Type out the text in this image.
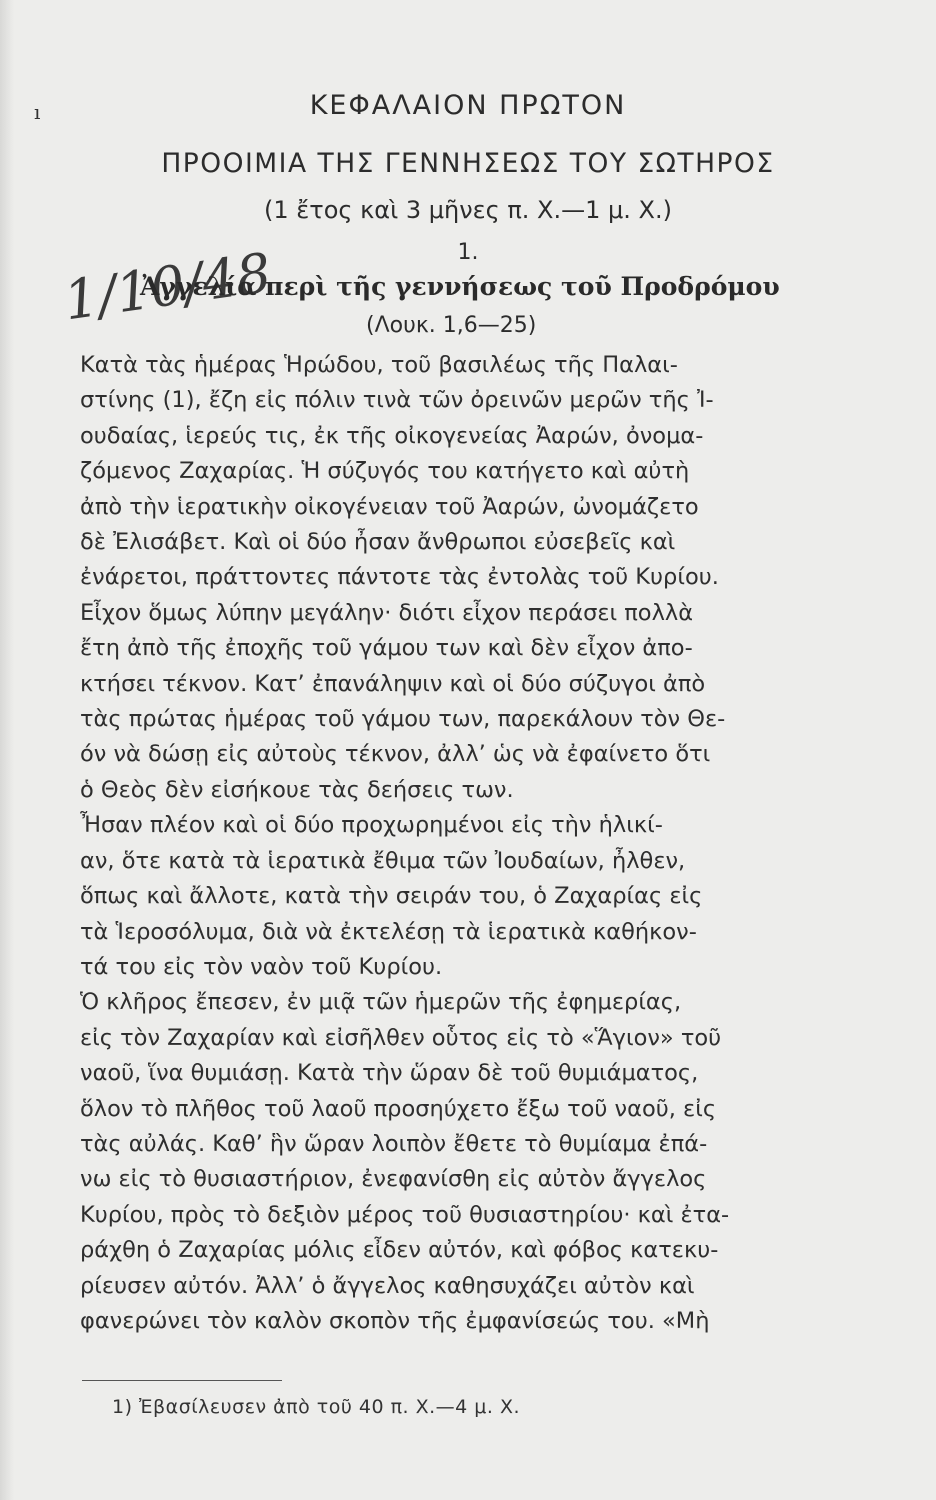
ı	ΚΕΦΑΛΑΙΟΝ ΠΡΩΤΟΝ
ΠΡΟΟΙΜΙΑ ΤΗΣ ΓΕΝΝΗΣΕΩΣ ΤΟΥ ΣΩΤΗΡΟΣ
(1 ἔτος καὶ 3 μῆνες π. Χ.—1 μ. Χ.)
1.
1/10/48
Ἀγγελία περὶ τῆς γεννήσεως τοῦ Προδρόμου
(Λουκ. 1,6—25)
Κατὰ τὰς ἡμέρας Ἡρώδου, τοῦ βασιλέως τῆς Παλαι-
στίνης (1), ἔζη εἰς πόλιν τινὰ τῶν ὀρεινῶν μερῶν τῆς Ἰ-
ουδαίας, ἱερεύς τις, ἐκ τῆς οἰκογενείας Ἀαρών, ὀνομα-
ζόμενος Ζαχαρίας. Ἡ σύζυγός του κατήγετο καὶ αὐτὴ
ἀπὸ τὴν ἱερατικὴν οἰκογένειαν τοῦ Ἀαρών, ὠνομάζετο
δὲ Ἐλισάβετ. Καὶ οἱ δύο ἦσαν ἄνθρωποι εὐσεβεῖς καὶ
ἐνάρετοι, πράττοντες πάντοτε τὰς ἐντολὰς τοῦ Κυρίου.
Εἶχον ὅμως λύπην μεγάλην· διότι εἶχον περάσει πολλὰ
ἔτη ἀπὸ τῆς ἐποχῆς τοῦ γάμου των καὶ δὲν εἶχον ἀπο-
κτήσει τέκνον. Κατ’ ἐπανάληψιν καὶ οἱ δύο σύζυγοι ἀπὸ
τὰς πρώτας ἡμέρας τοῦ γάμου των, παρεκάλουν τὸν Θε-
όν νὰ δώσῃ εἰς αὐτοὺς τέκνον, ἀλλ’ ὡς νὰ ἐφαίνετο ὅτι
ὁ Θεὸς δὲν εἰσήκουε τὰς δεήσεις των.
Ἦσαν πλέον καὶ οἱ δύο προχωρημένοι εἰς τὴν ἡλικί-
αν, ὅτε κατὰ τὰ ἱερατικὰ ἔθιμα τῶν Ἰουδαίων, ἦλθεν,
ὅπως καὶ ἄλλοτε, κατὰ τὴν σειράν του, ὁ Ζαχαρίας εἰς
τὰ Ἱεροσόλυμα, διὰ νὰ ἐκτελέσῃ τὰ ἱερατικὰ καθήκον-
τά του εἰς τὸν ναὸν τοῦ Κυρίου.
Ὁ κλῆρος ἔπεσεν, ἐν μιᾷ τῶν ἡμερῶν τῆς ἐφημερίας,
εἰς τὸν Ζαχαρίαν καὶ εἰσῆλθεν οὗτος εἰς τὸ «Ἅγιον» τοῦ
ναοῦ, ἵνα θυμιάσῃ. Κατὰ τὴν ὥραν δὲ τοῦ θυμιάματος,
ὅλον τὸ πλῆθος τοῦ λαοῦ προσηύχετο ἔξω τοῦ ναοῦ, εἰς
τὰς αὐλάς. Καθ’ ἣν ὥραν λοιπὸν ἔθετε τὸ θυμίαμα ἐπά-
νω εἰς τὸ θυσιαστήριον, ἐνεφανίσθη εἰς αὐτὸν ἄγγελος
Κυρίου, πρὸς τὸ δεξιὸν μέρος τοῦ θυσιαστηρίου· καὶ ἐτα-
ράχθη ὁ Ζαχαρίας μόλις εἶδεν αὐτόν, καὶ φόβος κατεκυ-
ρίευσεν αὐτόν. Ἀλλ’ ὁ ἄγγελος καθησυχάζει αὐτὸν καὶ
φανερώνει τὸν καλὸν σκοπὸν τῆς ἐμφανίσεώς του. «Μὴ
1) Ἐβασίλευσεν ἀπὸ τοῦ 40 π. Χ.—4 μ. Χ.
